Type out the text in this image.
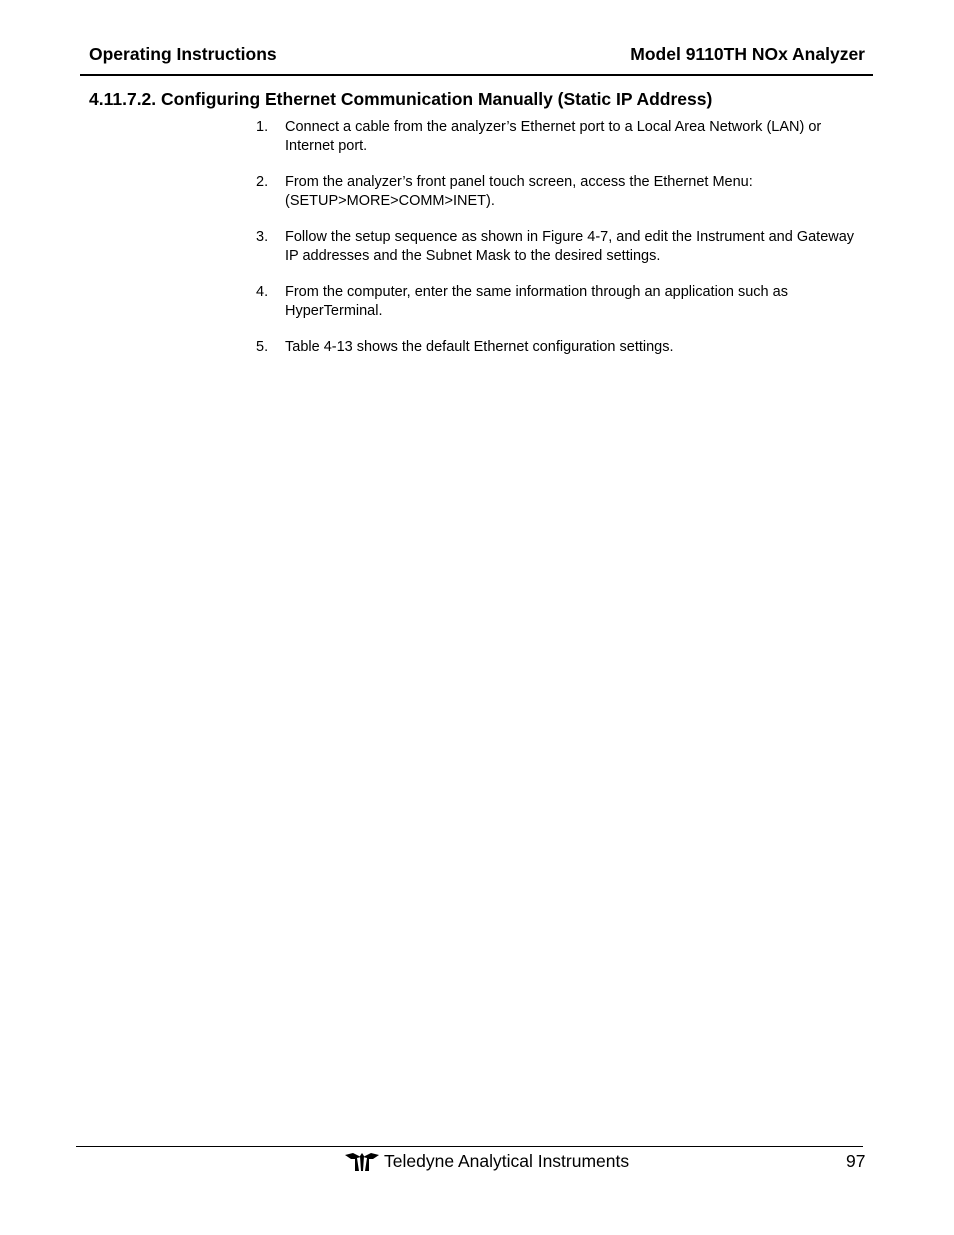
Operating Instructions	Model 9110TH NOx Analyzer
4.11.7.2. Configuring Ethernet Communication Manually (Static IP Address)
1.	Connect a cable from the analyzer’s Ethernet port to a Local Area Network (LAN) or Internet port.
2.	From the analyzer’s front panel touch screen, access the Ethernet Menu: (SETUP>MORE>COMM>INET).
3.	Follow the setup sequence as shown in Figure 4-7, and edit the Instrument and Gateway IP addresses and the Subnet Mask to the desired settings.
4.	From the computer, enter the same information through an application such as HyperTerminal.
5.	Table 4-13 shows the default Ethernet configuration settings.
Teledyne Analytical Instruments	97
